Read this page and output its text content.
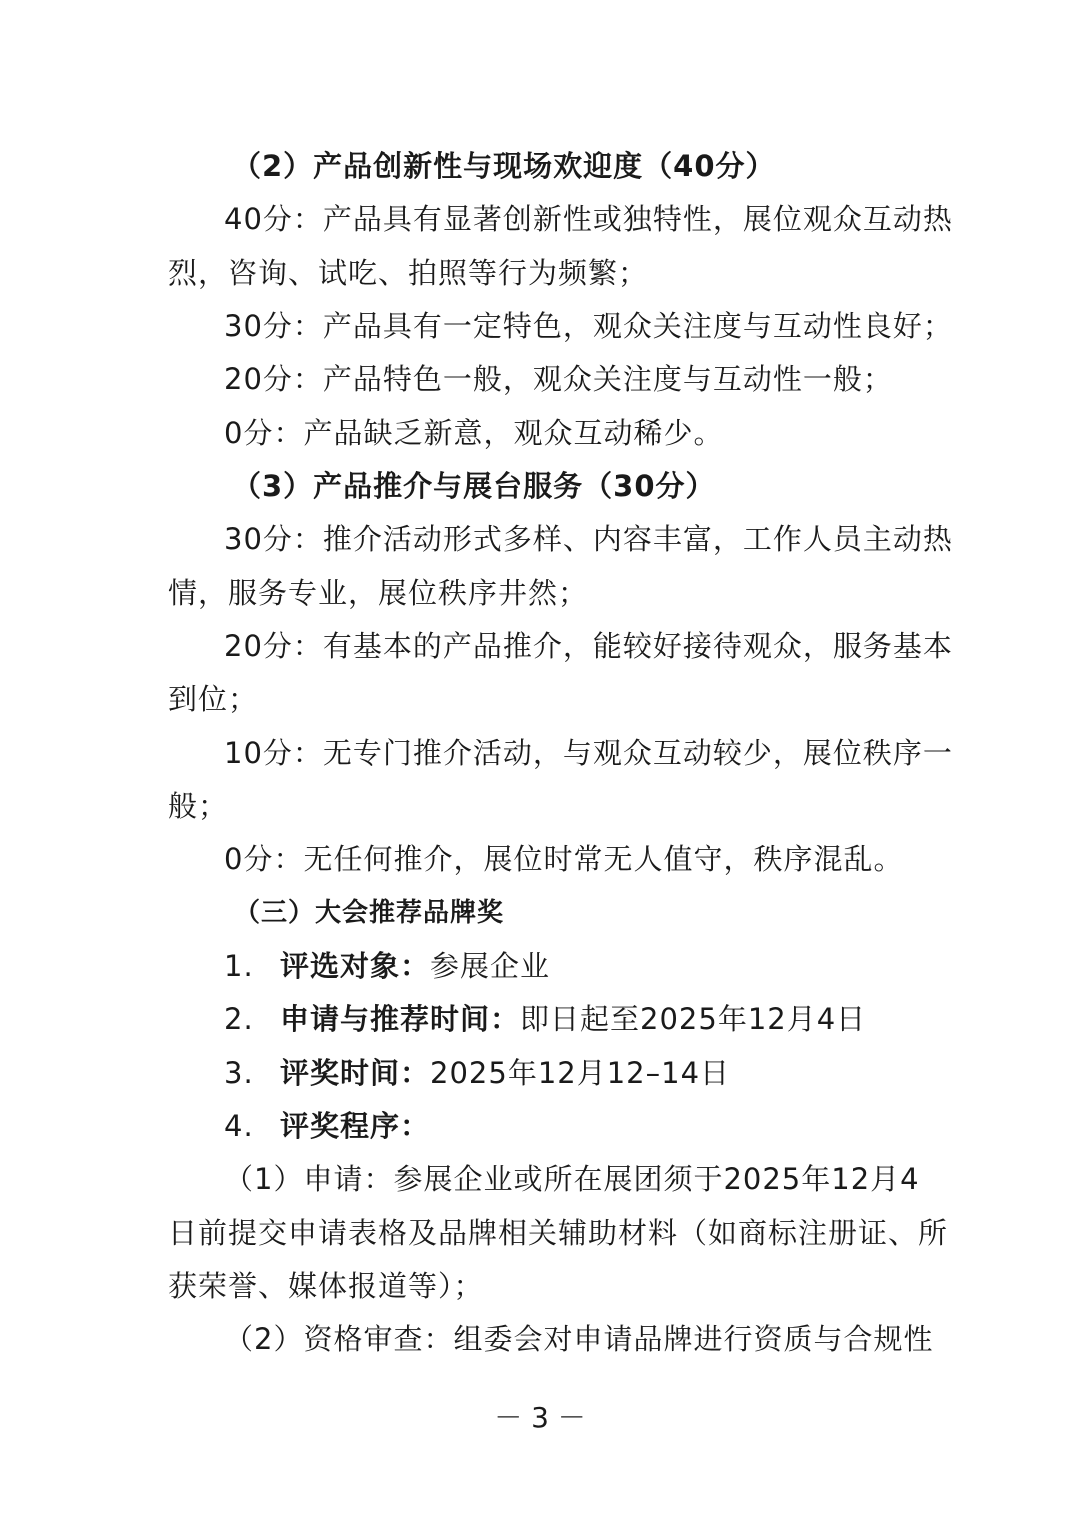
（2）产品创新性与现场欢迎度（40分）
40分：产品具有显著创新性或独特性，展位观众互动热
烈，咨询、试吃、拍照等行为频繁；
30分：产品具有一定特色，观众关注度与互动性良好；
20分：产品特色一般，观众关注度与互动性一般；
0分：产品缺乏新意，观众互动稀少。
（3）产品推介与展台服务（30分）
30分：推介活动形式多样、内容丰富，工作人员主动热
情，服务专业，展位秩序井然；
20分：有基本的产品推介，能较好接待观众，服务基本
到位；
10分：无专门推介活动，与观众互动较少，展位秩序一
般；
0分：无任何推介，展位时常无人值守，秩序混乱。
（三）大会推荐品牌奖
1. 评选对象：参展企业
2. 申请与推荐时间：即日起至2025年12月4日
3. 评奖时间：2025年12月12–14日
4. 评奖程序：
（1）申请：参展企业或所在展团须于2025年12月4
日前提交申请表格及品牌相关辅助材料（如商标注册证、所
获荣誉、媒体报道等）；
（2）资格审查：组委会对申请品牌进行资质与合规性
－ 3 －
